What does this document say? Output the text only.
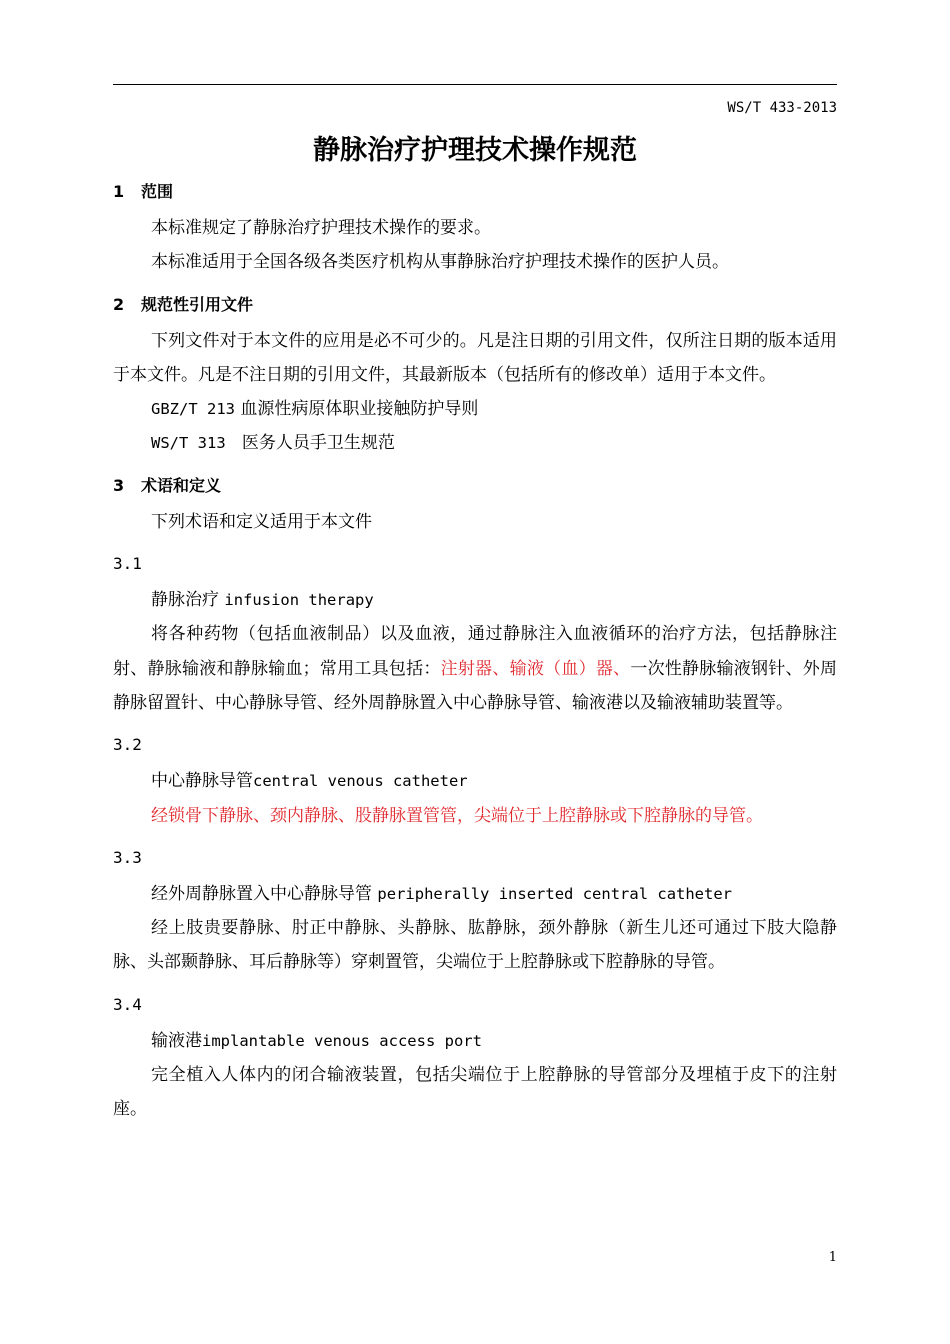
WS/T 433-2013
静脉治疗护理技术操作规范
1 范围

本标准规定了静脉治疗护理技术操作的要求。

本标准适用于全国各级各类医疗机构从事静脉治疗护理技术操作的医护人员。

2 规范性引用文件

下列文件对于本文件的应用是必不可少的。凡是注日期的引用文件，仅所注日期的版本适用于本文件。凡是不注日期的引用文件，其最新版本（包括所有的修改单）适用于本文件。

GBZ/T 213 血源性病原体职业接触防护导则

WS/T 313 医务人员手卫生规范

3 术语和定义

下列术语和定义适用于本文件

3.1

静脉治疗 infusion therapy

将各种药物（包括血液制品）以及血液，通过静脉注入血液循环的治疗方法，包括静脉注射、静脉输液和静脉输血；常用工具包括：注射器、输液（血）器、一次性静脉输液钢针、外周静脉留置针、中心静脉导管、经外周静脉置入中心静脉导管、输液港以及输液辅助装置等。

3.2

中心静脉导管central venous catheter

经锁骨下静脉、颈内静脉、股静脉置管管，尖端位于上腔静脉或下腔静脉的导管。

3.3

经外周静脉置入中心静脉导管 peripherally inserted central catheter

经上肢贵要静脉、肘正中静脉、头静脉、肱静脉，颈外静脉（新生儿还可通过下肢大隐静脉、头部颞静脉、耳后静脉等）穿刺置管，尖端位于上腔静脉或下腔静脉的导管。

3.4

输液港implantable venous access port

完全植入人体内的闭合输液装置，包括尖端位于上腔静脉的导管部分及埋植于皮下的注射座。

1
